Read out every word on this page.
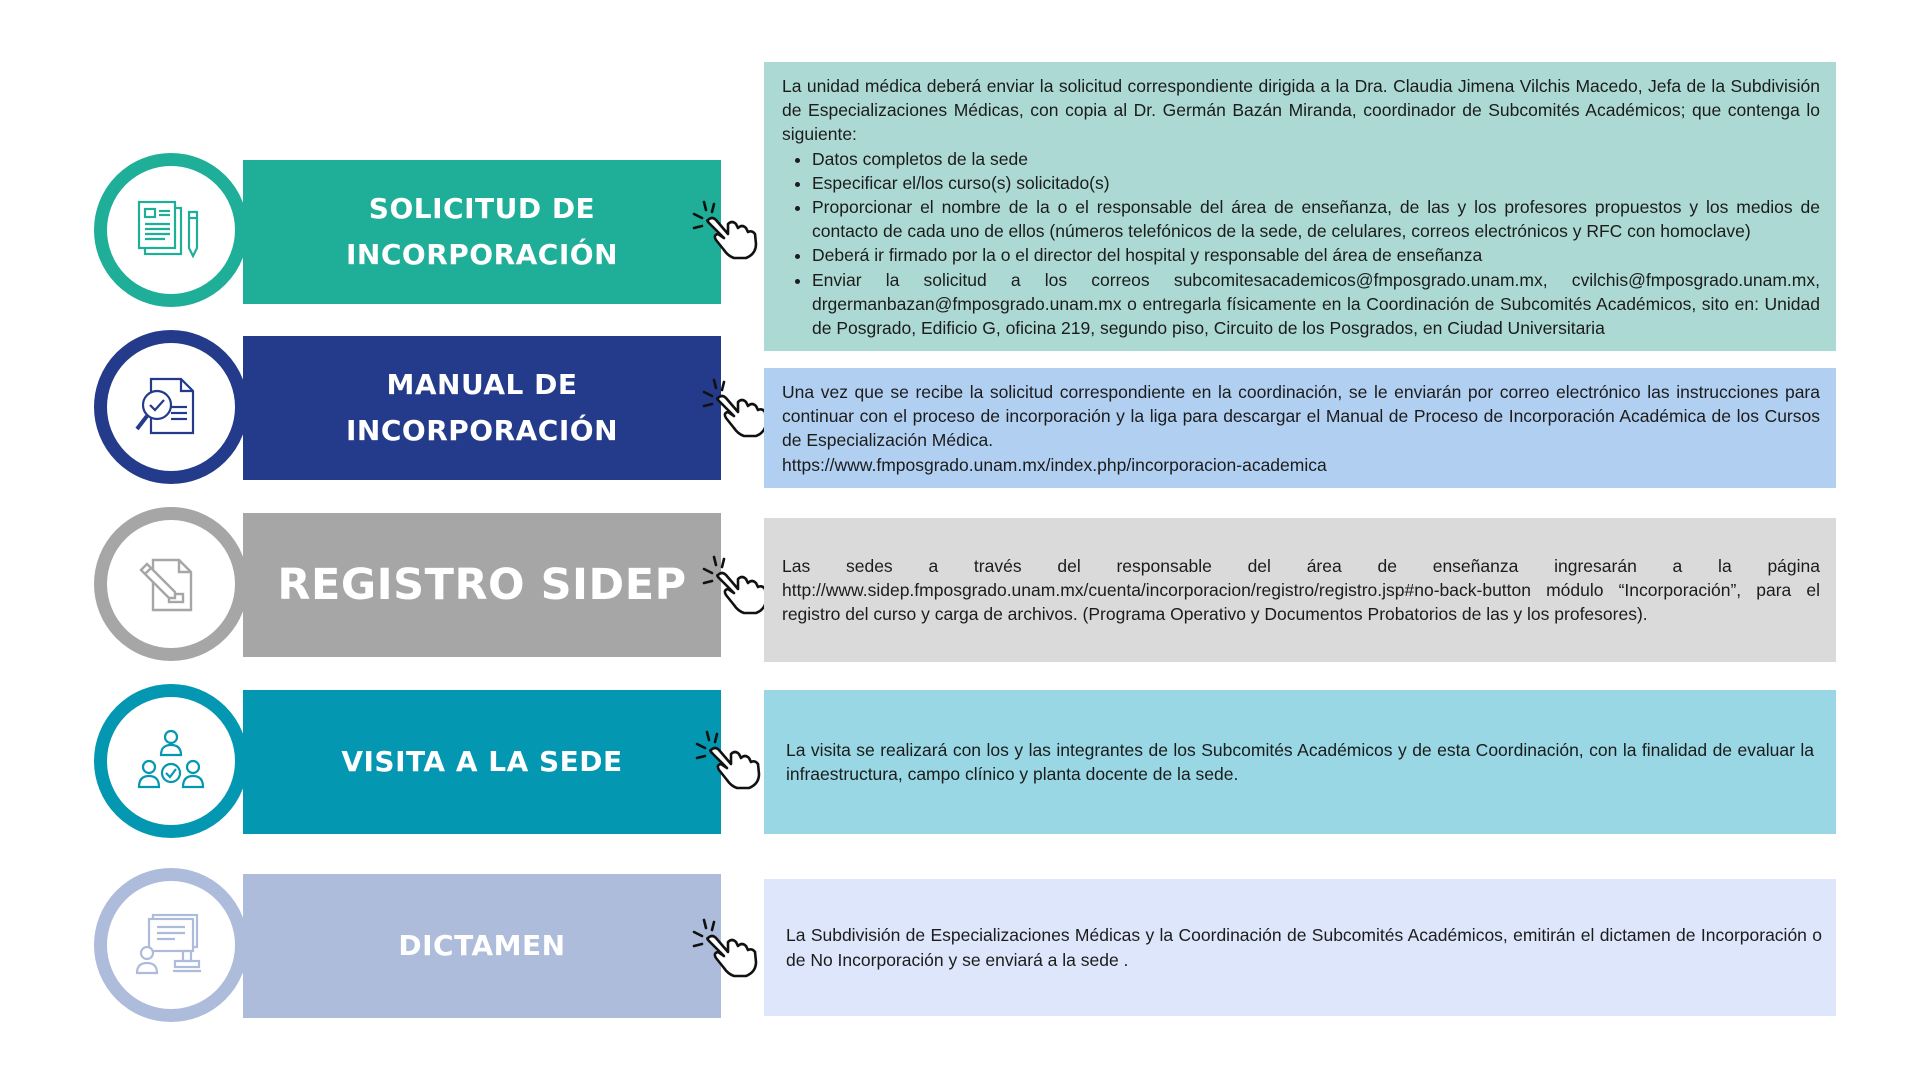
SOLICITUD DE
INCORPORACIÓN

La unidad médica deberá enviar la solicitud correspondiente dirigida a la Dra. Claudia Jimena Vilchis Macedo, Jefa de la Subdivisión de Especializaciones Médicas, con copia al Dr. Germán Bazán Miranda, coordinador de Subcomités Académicos; que contenga lo siguiente:

• Datos completos de la sede
• Especificar el/los curso(s) solicitado(s)
• Proporcionar el nombre de la o el responsable del área de enseñanza, de las y los profesores propuestos y los medios de contacto de cada uno de ellos (números telefónicos de la sede, de celulares, correos electrónicos y RFC con homoclave)
• Deberá ir firmado por la o el director del hospital y responsable del área de enseñanza
• Enviar la solicitud a los correos subcomitesacademicos@fmposgrado.unam.mx, cvilchis@fmposgrado.unam.mx, drgermanbazan@fmposgrado.unam.mx o entregarla físicamente en la Coordinación de Subcomités Académicos, sito en: Unidad de Posgrado, Edificio G, oficina 219, segundo piso, Circuito de los Posgrados, en Ciudad Universitaria
MANUAL DE
INCORPORACIÓN

Una vez que se recibe la solicitud correspondiente en la coordinación, se le enviarán por correo electrónico las instrucciones para continuar con el proceso de incorporación y la liga para descargar el Manual de Proceso de Incorporación Académica de los Cursos de Especialización Médica.

https://www.fmposgrado.unam.mx/index.php/incorporacion-academica

REGISTRO SIDEP	Las sedes a través del responsable del área de enseñanza ingresarán a la página http://www.sidep.fmposgrado.unam.mx/cuenta/incorporacion/registro/registro.jsp#no-back-button módulo “Incorporación”, para el registro del curso y carga de archivos. (Programa Operativo y Documentos Probatorios de las y los profesores).

VISITA A LA SEDE	La visita se realizará con los y las integrantes de los Subcomités Académicos y de esta Coordinación, con la finalidad de evaluar la infraestructura, campo clínico y planta docente de la sede.

DICTAMEN	La Subdivisión de Especializaciones Médicas y la Coordinación de Subcomités Académicos, emitirán el dictamen de Incorporación o de No Incorporación y se enviará a la sede .
